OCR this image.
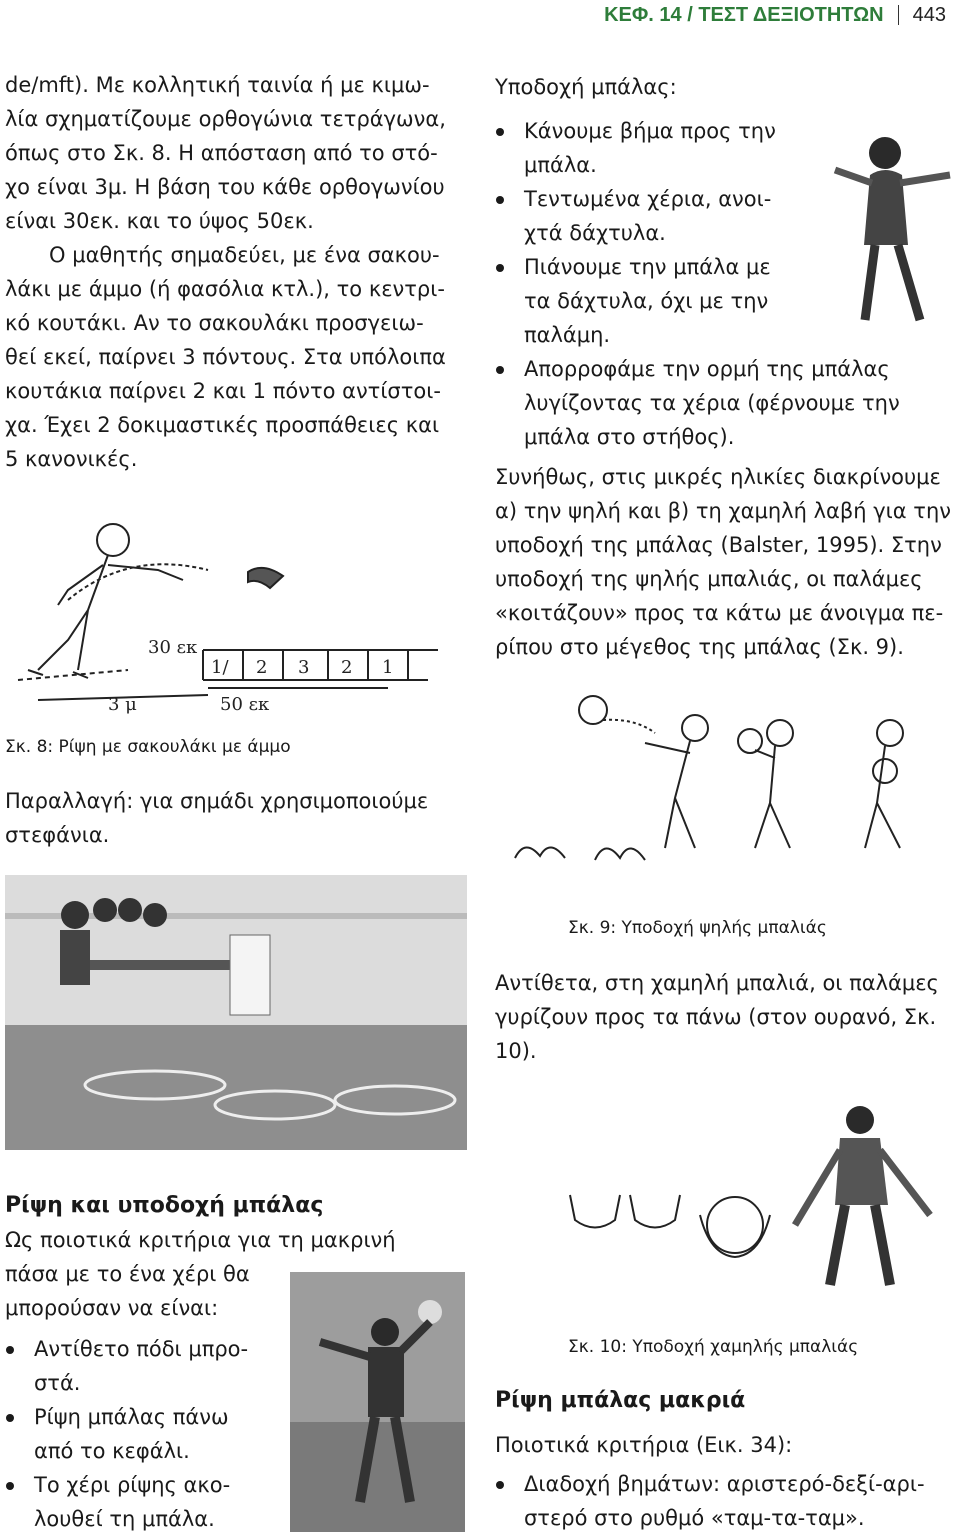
ΚΕΦ. 14 / ΤΕΣΤ ΔΕΞΙΟΤΗΤΩΝ 443
de/mft). Με κολλητική ταινία ή με κιμω-
λία σχηματίζουμε ορθογώνια τετράγωνα,
όπως στο Σκ. 8. Η απόσταση από το στό-
χο είναι 3μ. Η βάση του κάθε ορθογωνίου
είναι 30εκ. και το ύψος 50εκ.
Ο μαθητής σημαδεύει, με ένα σακου-
λάκι με άμμο (ή φασόλια κτλ.), το κεντρι-
κό κουτάκι. Αν το σακουλάκι προσγειω-
θεί εκεί, παίρνει 3 πόντους. Στα υπόλοιπα
κουτάκια παίρνει 2 και 1 πόντο αντίστοι-
χα. Έχει 2 δοκιμαστικές προσπάθειες και
5 κανονικές.
1/ 2 3 2 1
30 εκ
3 μ	50 εκ

Σκ. 8: Ρίψη με σακουλάκι με άμμο

Παραλλαγή: για σημάδι χρησιμοποιούμε
στεφάνια.

Ρίψη και υποδοχή μπάλας

Ως ποιοτικά κριτήρια για τη μακρινή
πάσα με το ένα χέρι θα
μπορούσαν να είναι:
Αντίθετο πόδι μπρο-
στά.
Ρίψη μπάλας πάνω
από το κεφάλι.
Το χέρι ρίψης ακο-
λουθεί τη μπάλα.

Υποδοχή μπάλας:

Κάνουμε βήμα προς την
μπάλα.
Τεντωμένα χέρια, ανοι-
χτά δάχτυλα.
Πιάνουμε την μπάλα με
τα δάχτυλα, όχι με την
παλάμη.
Απορροφάμε την ορμή της μπάλας
λυγίζοντας τα χέρια (φέρνουμε την
μπάλα στο στήθος).
Συνήθως, στις μικρές ηλικίες διακρίνουμε
α) την ψηλή και β) τη χαμηλή λαβή για την
υποδοχή της μπάλας (Balster, 1995). Στην
υποδοχή της ψηλής μπαλιάς, οι παλάμες
«κοιτάζουν» προς τα κάτω με άνοιγμα πε-
ρίπου στο μέγεθος της μπάλας (Σκ. 9).

Σκ. 9: Υποδοχή ψηλής μπαλιάς

Αντίθετα, στη χαμηλή μπαλιά, οι παλάμες
γυρίζουν προς τα πάνω (στον ουρανό, Σκ.
10).

Σκ. 10: Υποδοχή χαμηλής μπαλιάς

Ρίψη μπάλας μακριά

Ποιοτικά κριτήρια (Εικ. 34):

Διαδοχή βημάτων: αριστερό-δεξί-αρι-
στερό στο ρυθμό «ταμ-τα-ταμ».
